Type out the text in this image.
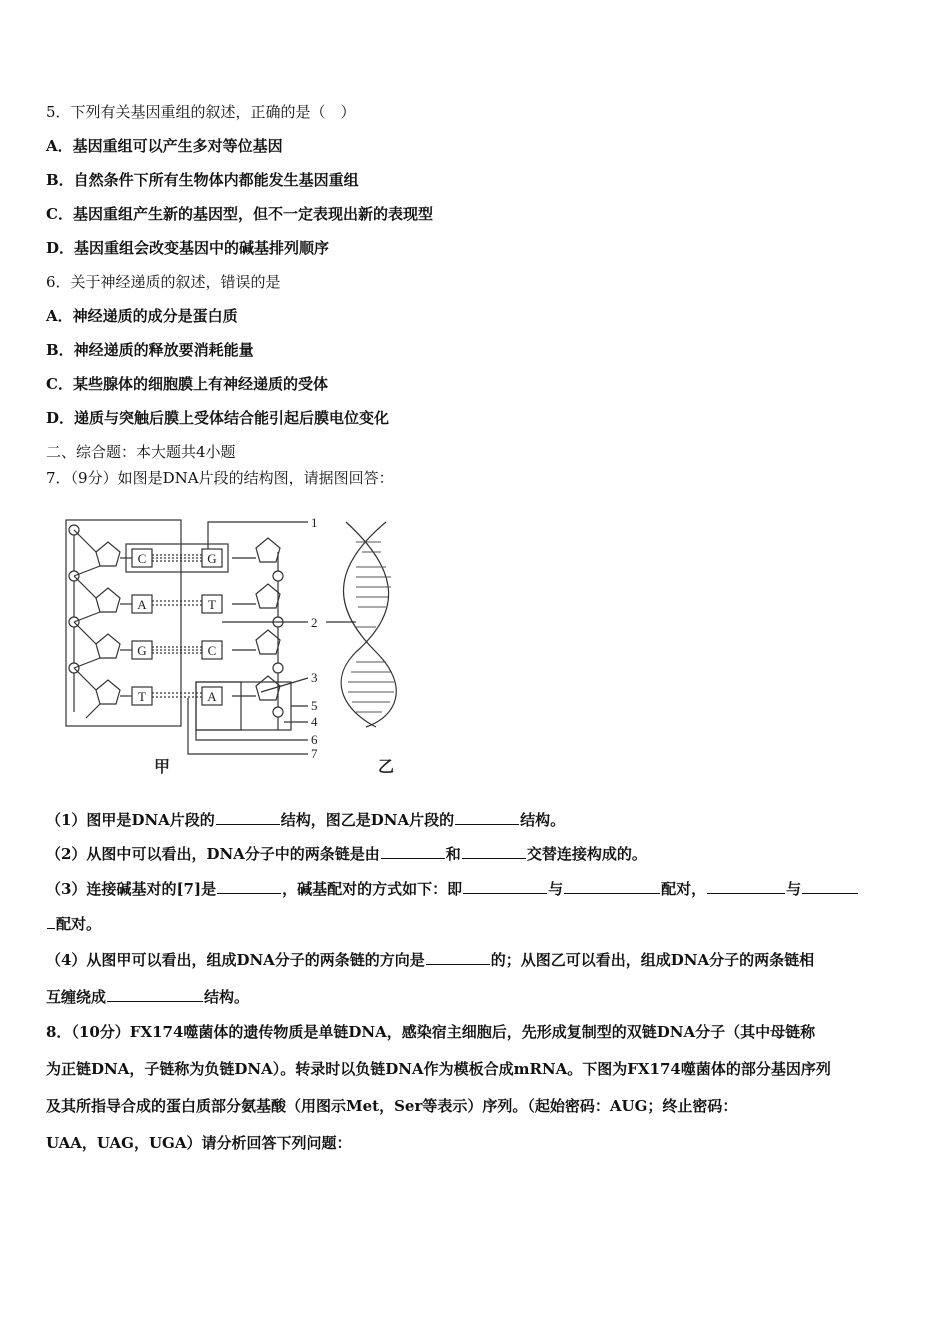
5．下列有关基因重组的叙述，正确的是（　）
A．基因重组可以产生多对等位基因
B．自然条件下所有生物体内都能发生基因重组
C．基因重组产生新的基因型，但不一定表现出新的表现型
D．基因重组会改变基因中的碱基排列顺序
6．关于神经递质的叙述，错误的是
A．神经递质的成分是蛋白质
B．神经递质的释放要消耗能量
C．某些腺体的细胞膜上有神经递质的受体
D．递质与突触后膜上受体结合能引起后膜电位变化
二、综合题：本大题共4小题
7．（9分）如图是DNA片段的结构图，请据图回答：
C
A
G
T
G
T
C
A
1
2
3
5
4
6
7
甲	乙
（1）图甲是DNA片段的	结构，图乙是DNA片段的	结构。
（2）从图中可以看出，DNA分子中的两条链是由	和	交替连接构成的。
（3）连接碱基对的[7]是	，碱基配对的方式如下：即	与	配对，	与
配对。
（4）从图甲可以看出，组成DNA分子的两条链的方向是	的；从图乙可以看出，组成DNA分子的两条链相
互缠绕成	结构。
8．（10分）FX174噬菌体的遗传物质是单链DNA，感染宿主细胞后，先形成复制型的双链DNA分子（其中母链称
为正链DNA，子链称为负链DNA）。转录时以负链DNA作为模板合成mRNA。下图为FX174噬菌体的部分基因序列
及其所指导合成的蛋白质部分氨基酸（用图示Met，Ser等表示）序列。（起始密码：AUG；终止密码：
UAA，UAG，UGA）请分析回答下列问题：
